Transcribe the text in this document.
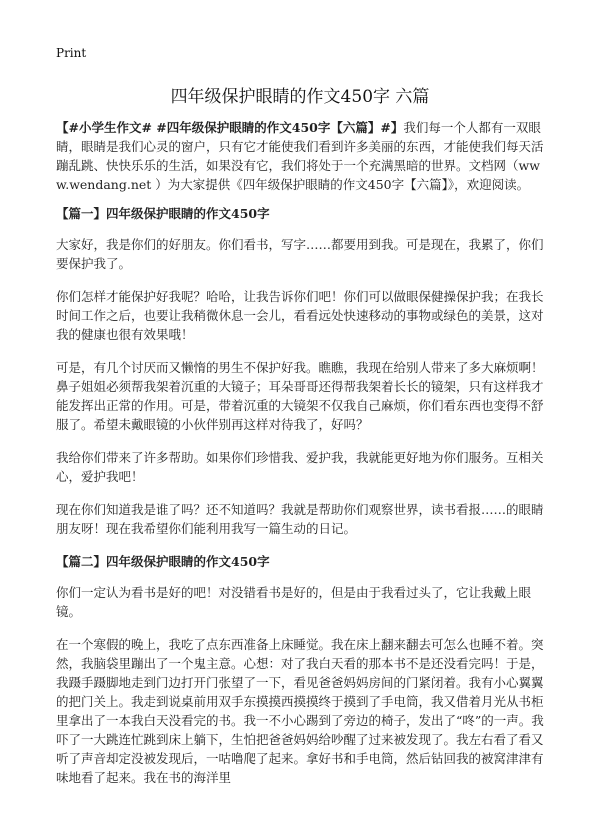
Print
四年级保护眼睛的作文450字 六篇

【#小学生作文# #四年级保护眼睛的作文450字【六篇】#】我们每一个人都有一双眼睛，眼睛是我们心灵的窗户，只有它才能使我们看到许多美丽的东西，才能使我们每天活蹦乱跳、快快乐乐的生活，如果没有它，我们将处于一个充满黑暗的世界。文档网（www.wendang.net ）为大家提供《四年级保护眼睛的作文450字【六篇】》，欢迎阅读。

【篇一】四年级保护眼睛的作文450字

大家好，我是你们的好朋友。你们看书，写字……都要用到我。可是现在，我累了，你们要保护我了。

你们怎样才能保护好我呢？哈哈，让我告诉你们吧！你们可以做眼保健操保护我；在我长时间工作之后，也要让我稍微休息一会儿，看看远处快速移动的事物或绿色的美景，这对我的健康也很有效果哦！

可是，有几个讨厌而又懒惰的男生不保护好我。瞧瞧，我现在给别人带来了多大麻烦啊！鼻子姐姐必须帮我架着沉重的大镜子；耳朵哥哥还得帮我架着长长的镜架，只有这样我才能发挥出正常的作用。可是，带着沉重的大镜架不仅我自己麻烦，你们看东西也变得不舒服了。希望未戴眼镜的小伙伴别再这样对待我了，好吗？

我给你们带来了许多帮助。如果你们珍惜我、爱护我，我就能更好地为你们服务。互相关心，爱护我吧！

现在你们知道我是谁了吗？还不知道吗？我就是帮助你们观察世界，读书看报……的眼睛朋友呀！现在我希望你们能利用我写一篇生动的日记。

【篇二】四年级保护眼睛的作文450字

你们一定认为看书是好的吧！对没错看书是好的，但是由于我看过头了，它让我戴上眼镜。

在一个寒假的晚上，我吃了点东西准备上床睡觉。我在床上翻来翻去可怎么也睡不着。突然，我脑袋里蹦出了一个鬼主意。心想：对了我白天看的那本书不是还没看完吗！于是，我蹑手蹑脚地走到门边打开门张望了一下，看见爸爸妈妈房间的门紧闭着。我有小心翼翼的把门关上。我走到说桌前用双手东摸摸西摸摸终于摸到了手电筒，我又借着月光从书柜里拿出了一本我白天没看完的书。我一不小心踢到了旁边的椅子，发出了“咚”的一声。我吓了一大跳连忙跳到床上躺下，生怕把爸爸妈妈给吵醒了过来被发现了。我左右看了看又听了声音却定没被发现后，一咕噜爬了起来。拿好书和手电筒，然后钻回我的被窝津津有味地看了起来。我在书的海洋里
